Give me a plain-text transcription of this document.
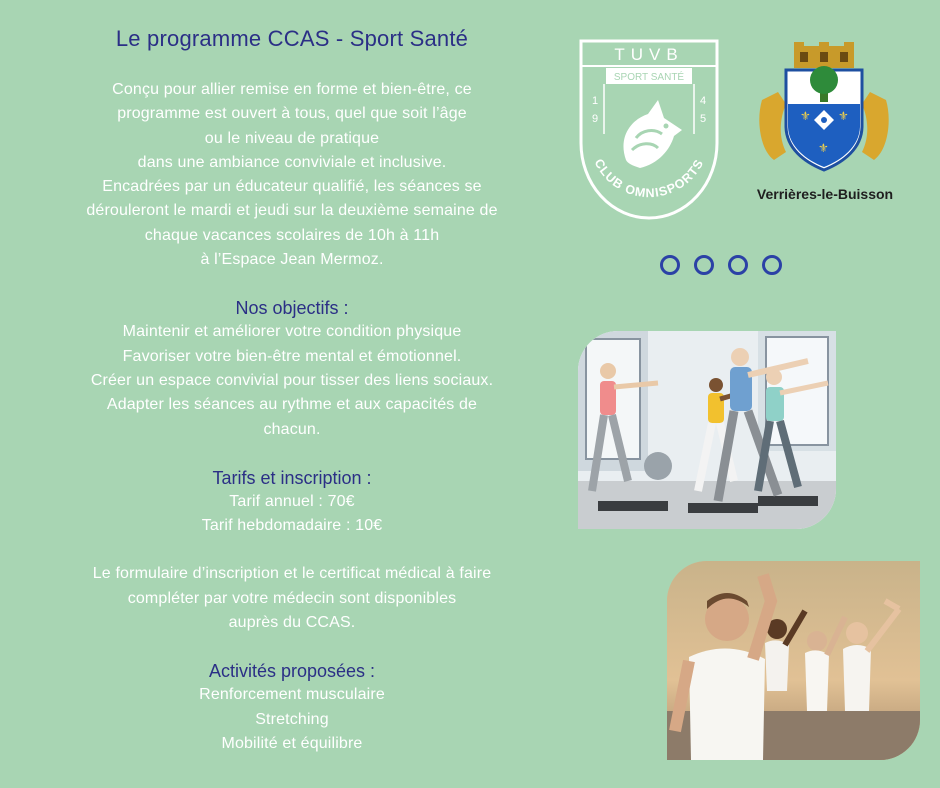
Le programme CCAS - Sport Santé
Conçu pour allier remise en forme et bien-être, ce
programme est ouvert à tous, quel que soit l’âge
ou le niveau de pratique
dans une ambiance conviviale et inclusive.
Encadrées par un éducateur qualifié, les séances se
dérouleront le mardi et jeudi sur la deuxième semaine de
chaque vacances scolaires de 10h à 11h
à l’Espace Jean Mermoz.
Nos objectifs :
Maintenir et améliorer votre condition physique
Favoriser votre bien-être mental et émotionnel.
Créer un espace convivial pour tisser des liens sociaux.
Adapter les séances au rythme et aux capacités de
chacun.
Tarifs et inscription :
Tarif annuel : 70€
Tarif hebdomadaire : 10€
Le formulaire d’inscription et le certificat médical à faire
compléter par votre médecin sont disponibles
auprès du CCAS.
Activités proposées :
Renforcement musculaire
Stretching
Mobilité et équilibre
TUVB
SPORT SANTÉ
1 9
4 5
CLUB OMNISPORTS
⚜ ⚜
⚜
Verrières-le-Buisson
